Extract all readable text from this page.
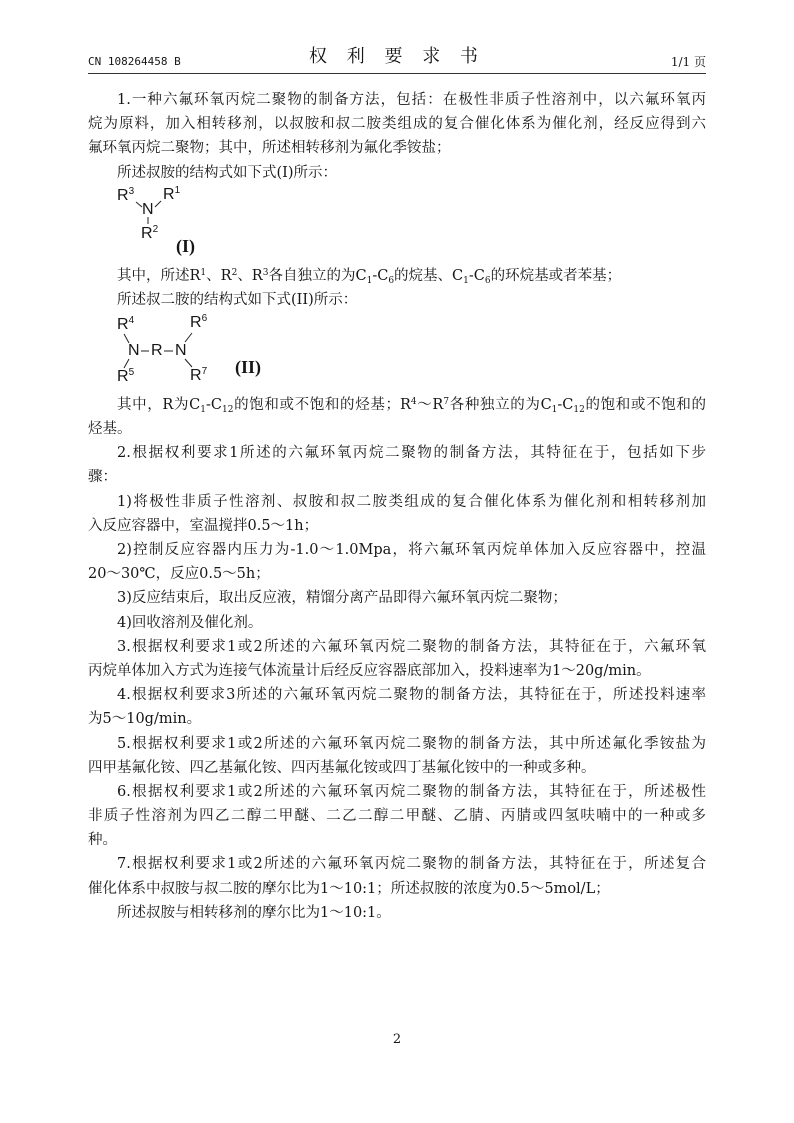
CN 108264458 B	权 利 要 求 书	1/1 页
1.一种六氟环氧丙烷二聚物的制备方法，包括：在极性非质子性溶剂中，以六氟环氧丙
烷为原料，加入相转移剂，以叔胺和叔二胺类组成的复合催化体系为催化剂，经反应得到六
氟环氧丙烷二聚物；其中，所述相转移剂为氟化季铵盐；
所述叔胺的结构式如下式(I)所示：
$R^3$
N
$R^1$
$R^2$
(I)
其中，所述$R^1$、$R^2$、$R^3$各自独立的为$C_1-C_6$的烷基、$C_1-C_6$的环烷基或者苯基；
所述叔二胺的结构式如下式(II)所示：
$R^4$	$R^6$
N R N
$R^5$	$R^7$ (II)
其中，R为$C_1-C_{12}$的饱和或不饱和的烃基；$R^4\sim R^7$各种独立的为$C_1-C_{12}$的饱和或不饱和的
烃基。
2.根据权利要求1所述的六氟环氧丙烷二聚物的制备方法，其特征在于，包括如下步
骤：
1)将极性非质子性溶剂、叔胺和叔二胺类组成的复合催化体系为催化剂和相转移剂加
入反应容器中，室温搅拌0.5～1h；
2)控制反应容器内压力为-1.0～1.0Mpa，将六氟环氧丙烷单体加入反应容器中，控温
20～30℃，反应0.5～5h；
3)反应结束后，取出反应液，精馏分离产品即得六氟环氧丙烷二聚物；
4)回收溶剂及催化剂。
3.根据权利要求1或2所述的六氟环氧丙烷二聚物的制备方法，其特征在于，六氟环氧
丙烷单体加入方式为连接气体流量计后经反应容器底部加入，投料速率为1～20g/min。
4.根据权利要求3所述的六氟环氧丙烷二聚物的制备方法，其特征在于，所述投料速率
为5～10g/min。
5.根据权利要求1或2所述的六氟环氧丙烷二聚物的制备方法，其中所述氟化季铵盐为
四甲基氟化铵、四乙基氟化铵、四丙基氟化铵或四丁基氟化铵中的一种或多种。
6.根据权利要求1或2所述的六氟环氧丙烷二聚物的制备方法，其特征在于，所述极性
非质子性溶剂为四乙二醇二甲醚、二乙二醇二甲醚、乙腈、丙腈或四氢呋喃中的一种或多
种。
7.根据权利要求1或2所述的六氟环氧丙烷二聚物的制备方法，其特征在于，所述复合
催化体系中叔胺与叔二胺的摩尔比为1～10:1；所述叔胺的浓度为0.5～5mol/L；
所述叔胺与相转移剂的摩尔比为1～10:1。
2
